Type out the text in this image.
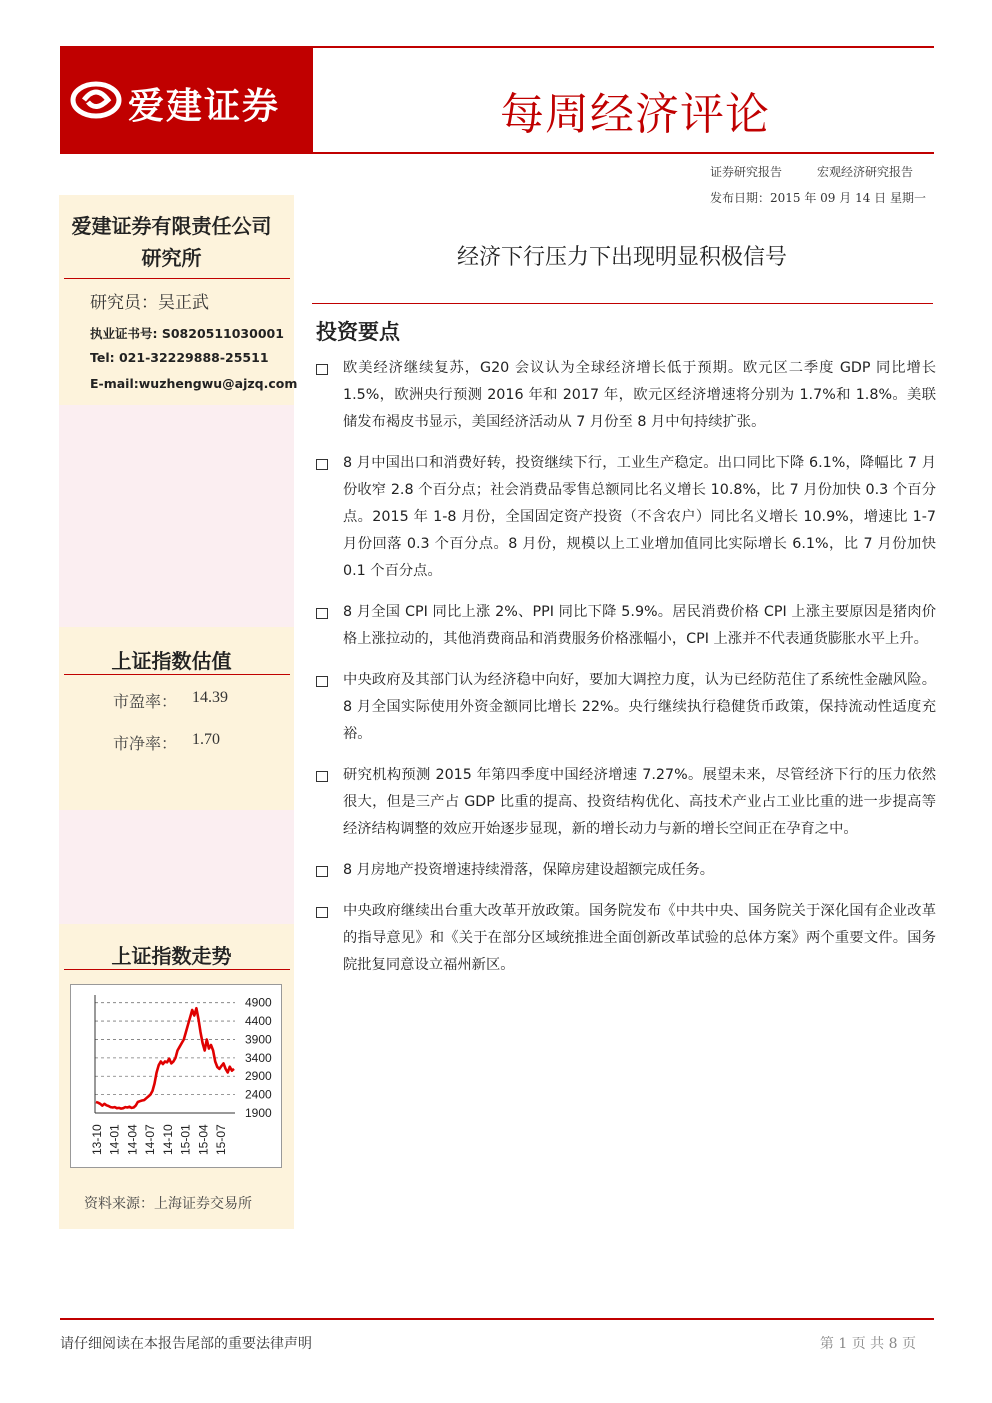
爱建证券	每周经济评论
证券研究报告	宏观经济研究报告
发布日期：2015 年 09 月 14 日 星期一
爱建证券有限责任公司
研究所
研究员：吴正武
执业证书号: S0820511030001
Tel: 021-32229888-25511
E-mail:wuzhengwu@ajzq.com
上证指数估值
市盈率： 14.39
市净率： 1.70
上证指数走势
4900
4400
3900
3400
2900
2400
1900
13-10 14-01 14-04 14-07 14-10 15-01 15-04 15-07
资料来源：上海证券交易所
经济下行压力下出现明显积极信号
投资要点
欧美经济继续复苏，G20 会议认为全球经济增长低于预期。欧元区二季度 GDP 同比增长 1.5%，欧洲央行预测 2016 年和 2017 年，欧元区经济增速将分别为 1.7%和 1.8%。美联储发布褐皮书显示，美国经济活动从 7 月份至 8 月中旬持续扩张。
8 月中国出口和消费好转，投资继续下行，工业生产稳定。出口同比下降 6.1%，降幅比 7 月份收窄 2.8 个百分点；社会消费品零售总额同比名义增长 10.8%，比 7 月份加快 0.3 个百分点。2015 年 1-8 月份，全国固定资产投资（不含农户）同比名义增长 10.9%，增速比 1-7 月份回落 0.3 个百分点。8 月份，规模以上工业增加值同比实际增长 6.1%，比 7 月份加快 0.1 个百分点。
8 月全国 CPI 同比上涨 2%、PPI 同比下降 5.9%。居民消费价格 CPI 上涨主要原因是猪肉价格上涨拉动的，其他消费商品和消费服务价格涨幅小，CPI 上涨并不代表通货膨胀水平上升。
中央政府及其部门认为经济稳中向好，要加大调控力度，认为已经防范住了系统性金融风险。8 月全国实际使用外资金额同比增长 22%。央行继续执行稳健货币政策，保持流动性适度充裕。
研究机构预测 2015 年第四季度中国经济增速 7.27%。展望未来，尽管经济下行的压力依然很大，但是三产占 GDP 比重的提高、投资结构优化、高技术产业占工业比重的进一步提高等经济结构调整的效应开始逐步显现，新的增长动力与新的增长空间正在孕育之中。
8 月房地产投资增速持续滑落，保障房建设超额完成任务。
中央政府继续出台重大改革开放政策。国务院发布《中共中央、国务院关于深化国有企业改革的指导意见》和《关于在部分区域统推进全面创新改革试验的总体方案》两个重要文件。国务院批复同意设立福州新区。
请仔细阅读在本报告尾部的重要法律声明	第 1 页 共 8 页
